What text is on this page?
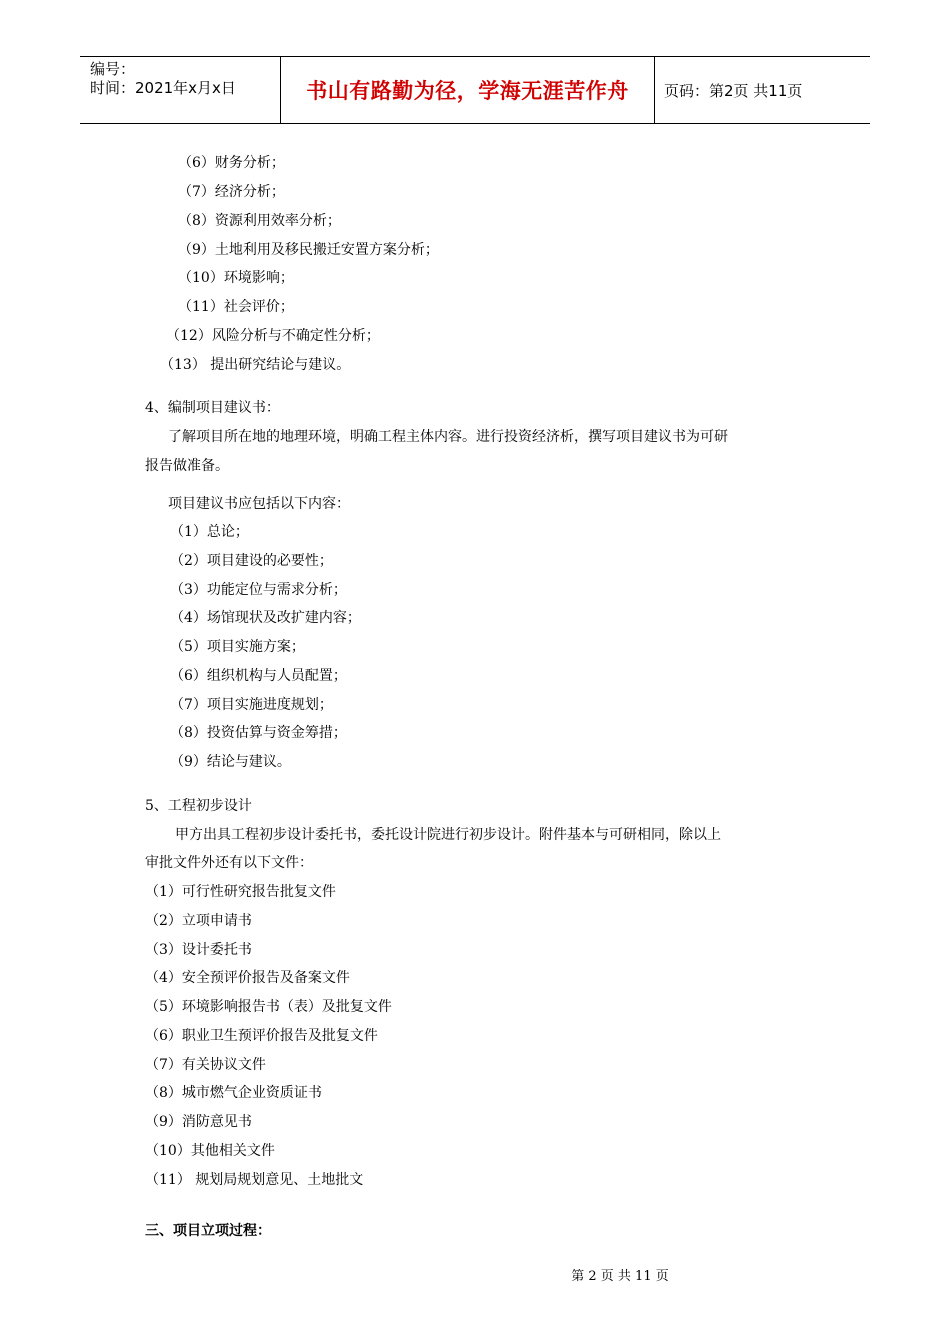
编号：
时间：2021年x月x日	书山有路勤为径，学海无涯苦作舟	页码：第2页 共11页
（6）财务分析；
（7）经济分析；
（8）资源利用效率分析；
（9）土地利用及移民搬迁安置方案分析；
（10）环境影响；
（11）社会评价；
（12）风险分析与不确定性分析；
（13） 提出研究结论与建议。
4、编制项目建议书：
了解项目所在地的地理环境，明确工程主体内容。进行投资经济析，撰写项目建议书为可研
报告做准备。
项目建议书应包括以下内容：
（1）总论；
（2）项目建设的必要性；
（3）功能定位与需求分析；
（4）场馆现状及改扩建内容；
（5）项目实施方案；
（6）组织机构与人员配置；
（7）项目实施进度规划；
（8）投资估算与资金筹措；
（9）结论与建议。
5、工程初步设计
甲方出具工程初步设计委托书，委托设计院进行初步设计。附件基本与可研相同，除以上
审批文件外还有以下文件：
（1）可行性研究报告批复文件
（2）立项申请书
（3）设计委托书
（4）安全预评价报告及备案文件
（5）环境影响报告书（表）及批复文件
（6）职业卫生预评价报告及批复文件
（7）有关协议文件
（8）城市燃气企业资质证书
（9）消防意见书
（10）其他相关文件
（11） 规划局规划意见、土地批文
三、项目立项过程：
第 2 页 共 11 页
